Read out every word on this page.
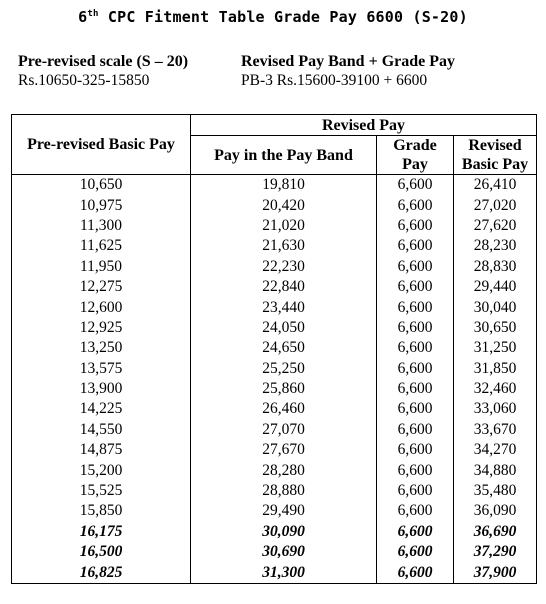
6th CPC Fitment Table Grade Pay 6600 (S-20)
Pre-revised scale (S – 20)
Rs.10650-325-15850
Revised Pay Band + Grade Pay
PB-3 Rs.15600-39100 + 6600
Pre-revised Basic Pay	Revised Pay		
	Pay in the Pay Band	Grade
Pay	Revised
Basic Pay
10,650	19,810	6,600	26,410
10,975	20,420	6,600	27,020
11,300	21,020	6,600	27,620
11,625	21,630	6,600	28,230
11,950	22,230	6,600	28,830
12,275	22,840	6,600	29,440
12,600	23,440	6,600	30,040
12,925	24,050	6,600	30,650
13,250	24,650	6,600	31,250
13,575	25,250	6,600	31,850
13,900	25,860	6,600	32,460
14,225	26,460	6,600	33,060
14,550	27,070	6,600	33,670
14,875	27,670	6,600	34,270
15,200	28,280	6,600	34,880
15,525	28,880	6,600	35,480
15,850	29,490	6,600	36,090
16,175	30,090	6,600	36,690
16,500	30,690	6,600	37,290
16,825	31,300	6,600	37,900
